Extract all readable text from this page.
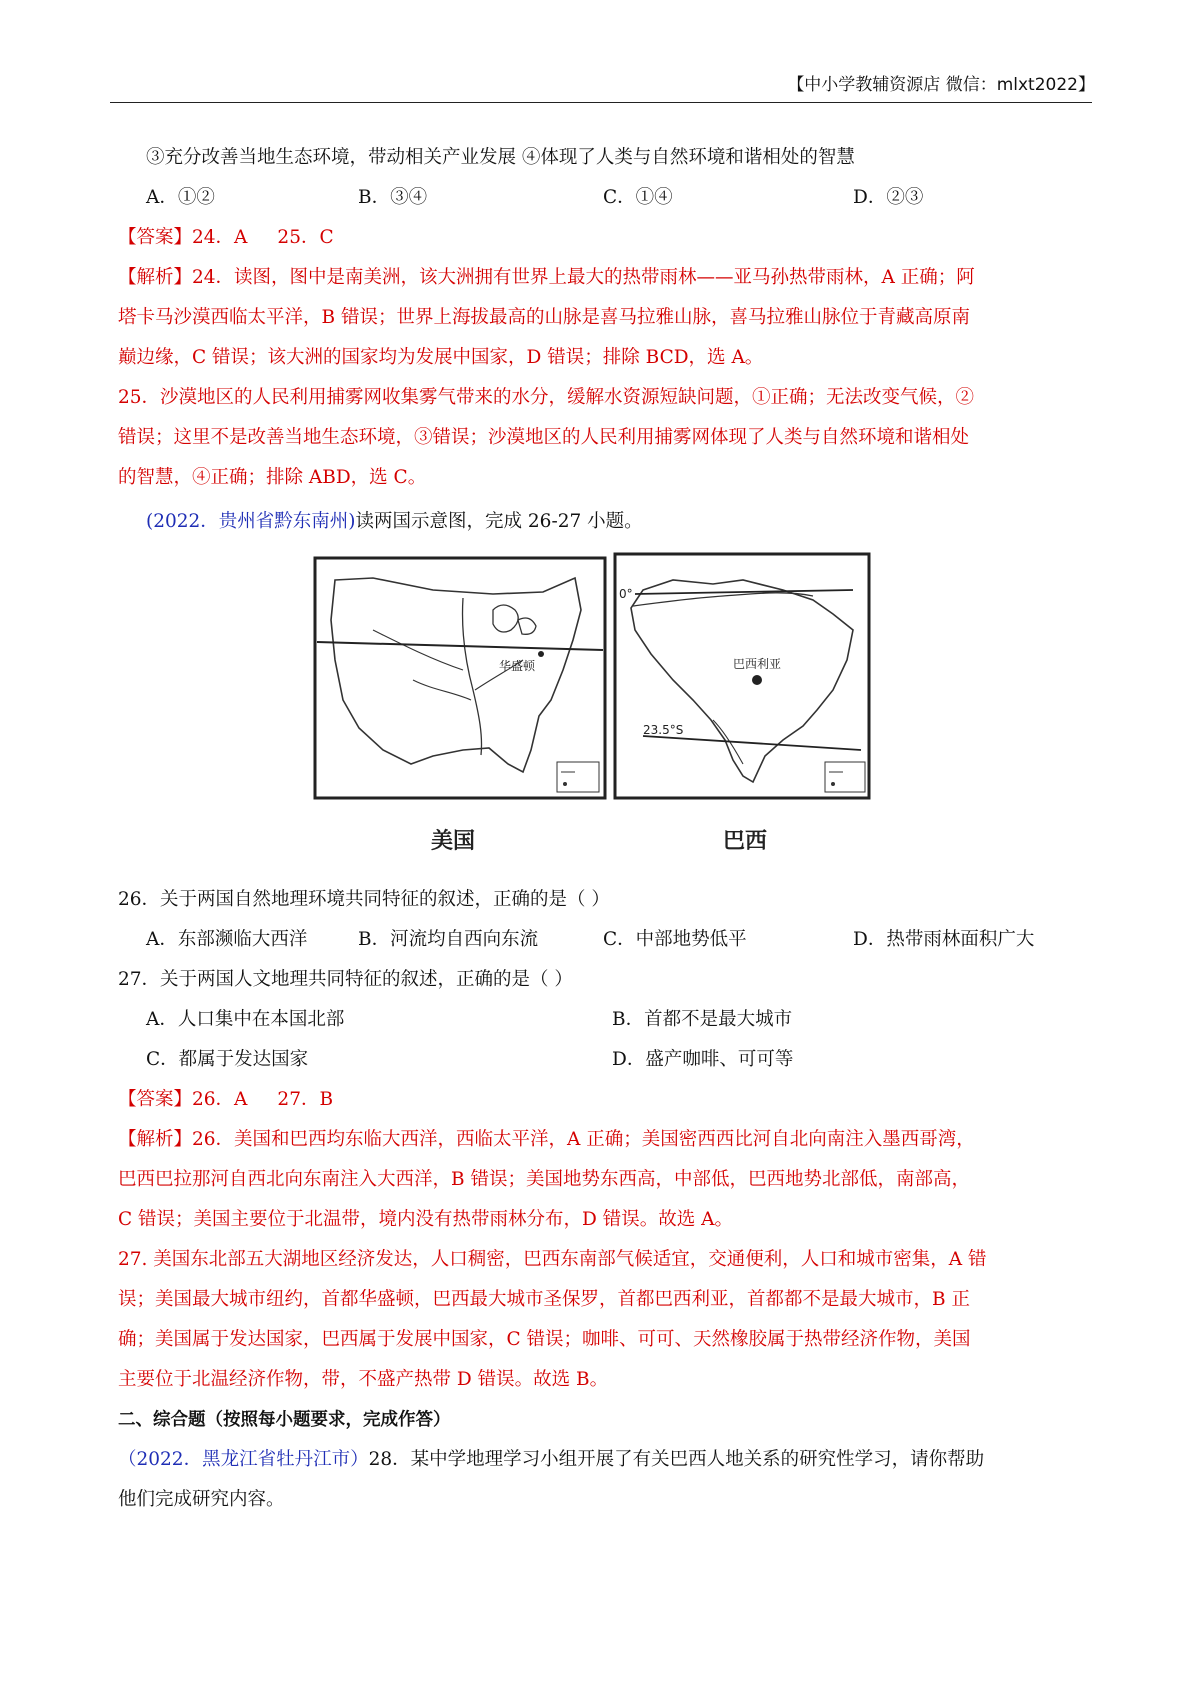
【中小学教辅资源店 微信：mlxt2022】
③充分改善当地生态环境，带动相关产业发展 ④体现了人类与自然环境和谐相处的智慧
A．①②	B．③④	C．①④	D．②③
【答案】24．A 25．C
【解析】24．读图，图中是南美洲，该大洲拥有世界上最大的热带雨林——亚马孙热带雨林，A 正确；阿
塔卡马沙漠西临太平洋，B 错误；世界上海拔最高的山脉是喜马拉雅山脉，喜马拉雅山脉位于青藏高原南
巅边缘，C 错误；该大洲的国家均为发展中国家，D 错误；排除 BCD，选 A。
25．沙漠地区的人民利用捕雾网收集雾气带来的水分，缓解水资源短缺问题，①正确；无法改变气候，②
错误；这里不是改善当地生态环境，③错误；沙漠地区的人民利用捕雾网体现了人类与自然环境和谐相处
的智慧，④正确；排除 ABD，选 C。
(2022．贵州省黔东南州)读两国示意图，完成 26-27 小题。
华盛顿
0°
23.5°S
巴西利亚
美国	巴西
26．关于两国自然地理环境共同特征的叙述，正确的是（ ）
A．东部濒临大西洋	B．河流均自西向东流	C．中部地势低平	D．热带雨林面积广大
27．关于两国人文地理共同特征的叙述，正确的是（ ）
A．人口集中在本国北部	B．首都不是最大城市
C．都属于发达国家	D．盛产咖啡、可可等
【答案】26．A 27．B
【解析】26．美国和巴西均东临大西洋，西临太平洋，A 正确；美国密西西比河自北向南注入墨西哥湾，
巴西巴拉那河自西北向东南注入大西洋，B 错误；美国地势东西高，中部低，巴西地势北部低，南部高，
C 错误；美国主要位于北温带，境内没有热带雨林分布，D 错误。故选 A。
27. 美国东北部五大湖地区经济发达，人口稠密，巴西东南部气候适宜，交通便利，人口和城市密集，A 错
误；美国最大城市纽约，首都华盛顿，巴西最大城市圣保罗，首都巴西利亚，首都都不是最大城市，B 正
确；美国属于发达国家，巴西属于发展中国家，C 错误；咖啡、可可、天然橡胶属于热带经济作物，美国
主要位于北温经济作物，带，不盛产热带 D 错误。故选 B。
二、综合题（按照每小题要求，完成作答）
（2022．黑龙江省牡丹江市）28．某中学地理学习小组开展了有关巴西人地关系的研究性学习，请你帮助
他们完成研究内容。
